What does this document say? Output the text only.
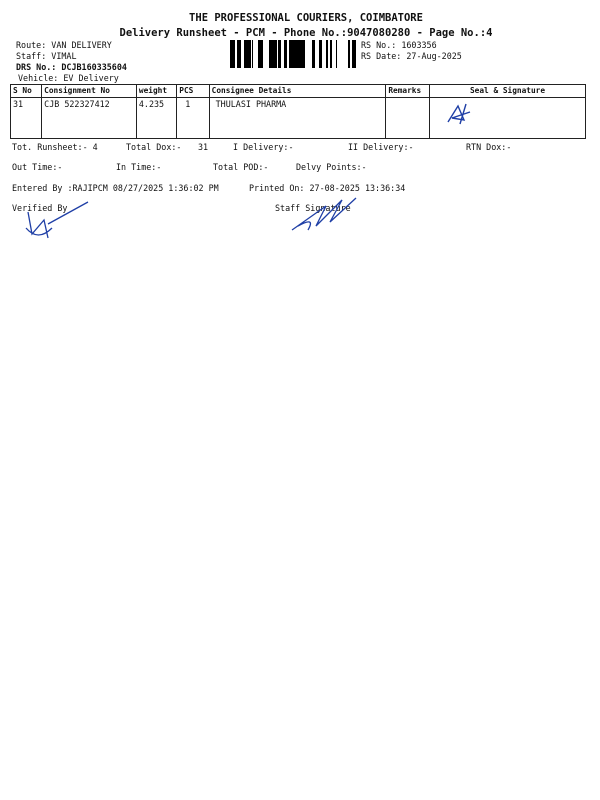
THE PROFESSIONAL COURIERS, COIMBATORE
Delivery Runsheet - PCM - Phone No.:9047080280 - Page No.:4
Route: VAN DELIVERY
Staff: VIMAL
DRS No.: DCJB160335604
Vehicle: EV Delivery
RS No.: 1603356
RS Date: 27-Aug-2025
S No	Consignment No	weight	PCS	Consignee Details	Remarks	Seal & Signature
31	CJB 522327412	4.235	1	THULASI PHARMA		
Tot. Runsheet:- 4	Total Dox:- 31	I Delivery:-	II Delivery:-	RTN Dox:-
Out Time:-	In Time:-	Total POD:-	Delvy Points:-
Entered By :RAJIPCM 08/27/2025 1:36:02 PM	Printed On: 27-08-2025 13:36:34
Verified By	Staff Signature
